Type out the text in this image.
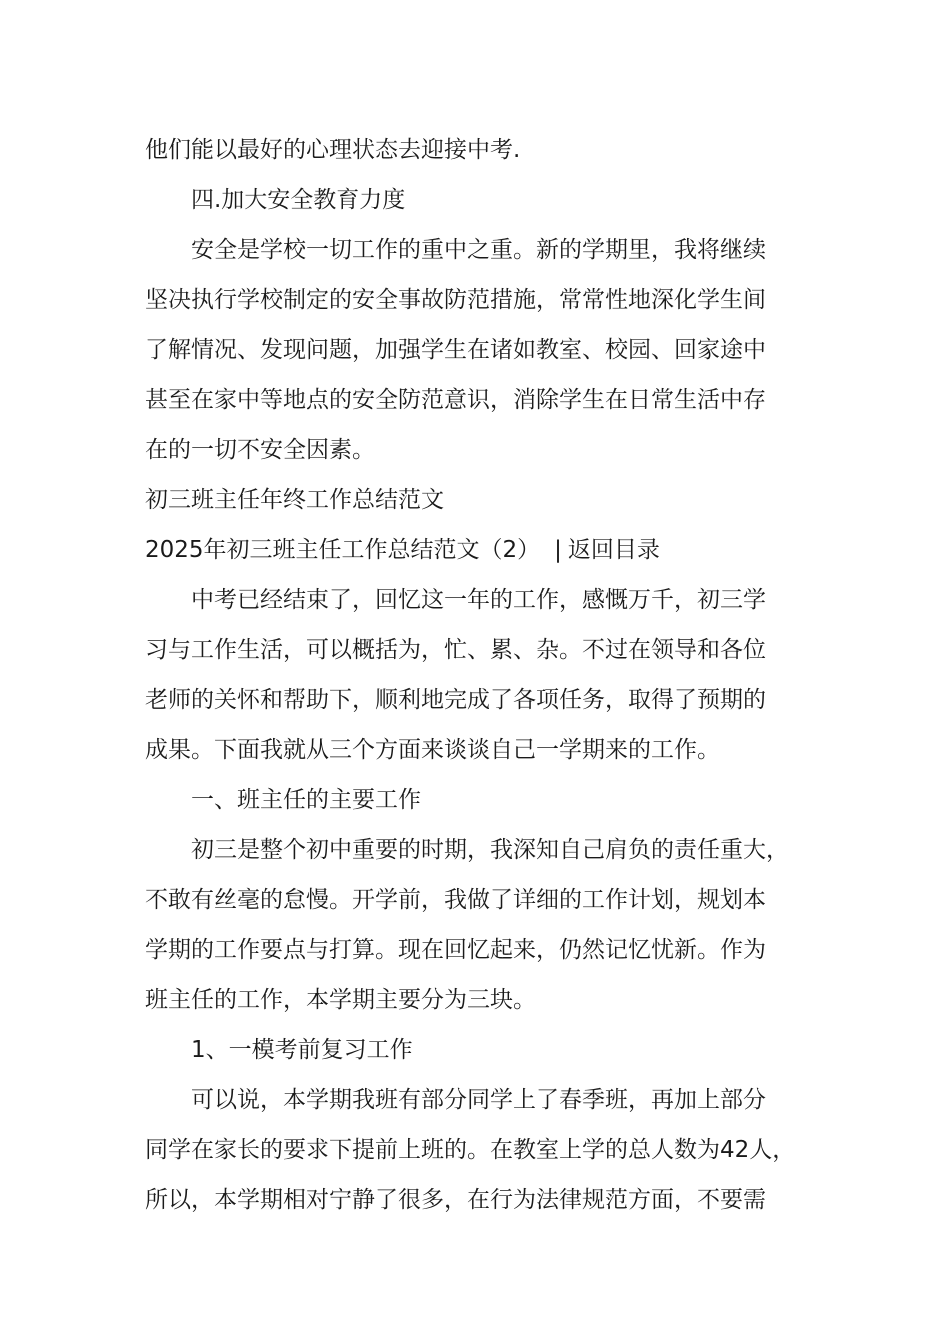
他们能以最好的心理状态去迎接中考.
四.加大安全教育力度
安全是学校一切工作的重中之重。新的学期里，我将继续
坚决执行学校制定的安全事故防范措施，常常性地深化学生间
了解情况、发现问题，加强学生在诸如教室、校园、回家途中
甚至在家中等地点的安全防范意识，消除学生在日常生活中存
在的一切不安全因素。
初三班主任年终工作总结范文
2025年初三班主任工作总结范文（2） | 返回目录
中考已经结束了，回忆这一年的工作，感慨万千，初三学
习与工作生活，可以概括为，忙、累、杂。不过在领导和各位
老师的关怀和帮助下，顺利地完成了各项任务，取得了预期的
成果。下面我就从三个方面来谈谈自己一学期来的工作。
一、班主任的主要工作
初三是整个初中重要的时期，我深知自己肩负的责任重大，
不敢有丝毫的怠慢。开学前，我做了详细的工作计划，规划本
学期的工作要点与打算。现在回忆起来，仍然记忆忧新。作为
班主任的工作，本学期主要分为三块。
1、一模考前复习工作
可以说，本学期我班有部分同学上了春季班，再加上部分
同学在家长的要求下提前上班的。在教室上学的总人数为42人，
所以，本学期相对宁静了很多，在行为法律规范方面，不要需
